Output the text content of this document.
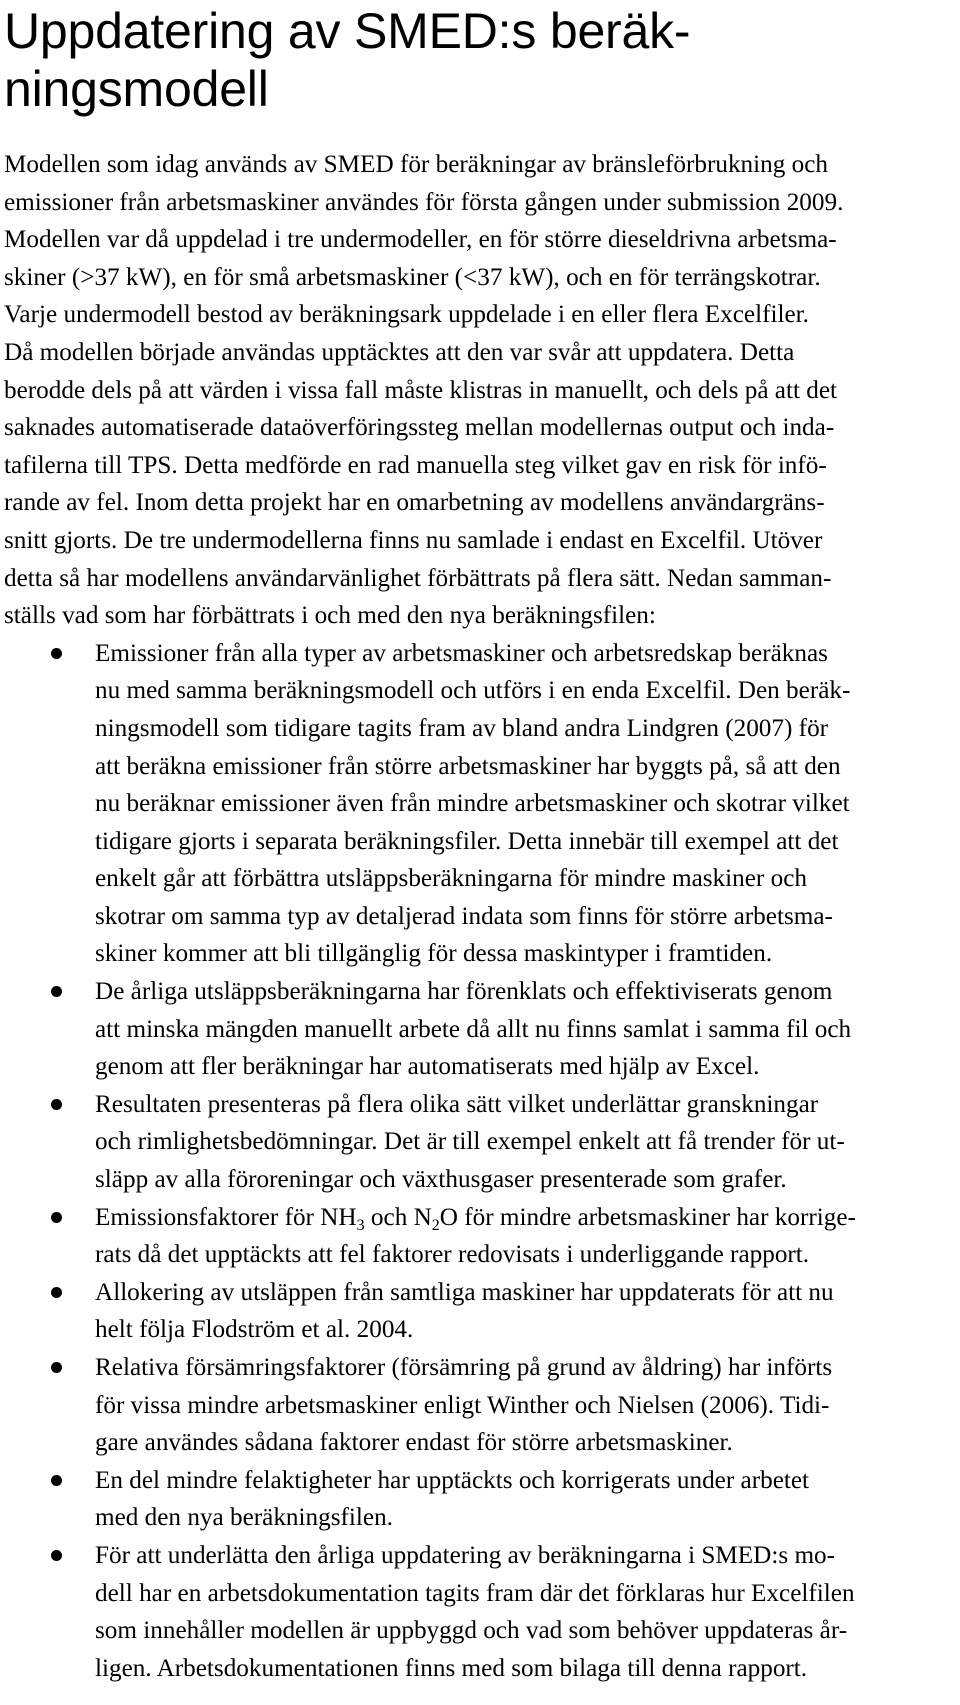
Uppdatering av SMED:s beräk-
ningsmodell
Modellen som idag används av SMED för beräkningar av bränsleförbrukning och
emissioner från arbetsmaskiner användes för första gången under submission 2009.
Modellen var då uppdelad i tre undermodeller, en för större dieseldrivna arbetsma-
skiner (>37 kW), en för små arbetsmaskiner (<37 kW), och en för terrängskotrar.
Varje undermodell bestod av beräkningsark uppdelade i en eller flera Excelfiler.
Då modellen började användas upptäcktes att den var svår att uppdatera. Detta
berodde dels på att värden i vissa fall måste klistras in manuellt, och dels på att det
saknades automatiserade dataöverföringssteg mellan modellernas output och inda-
tafilerna till TPS. Detta medförde en rad manuella steg vilket gav en risk för infö-
rande av fel. Inom detta projekt har en omarbetning av modellens användargräns-
snitt gjorts. De tre undermodellerna finns nu samlade i endast en Excelfil. Utöver
detta så har modellens användarvänlighet förbättrats på flera sätt. Nedan samman-
ställs vad som har förbättrats i och med den nya beräkningsfilen:
Emissioner från alla typer av arbetsmaskiner och arbetsredskap beräknas
nu med samma beräkningsmodell och utförs i en enda Excelfil. Den beräk-
ningsmodell som tidigare tagits fram av bland andra Lindgren (2007) för
att beräkna emissioner från större arbetsmaskiner har byggts på, så att den
nu beräknar emissioner även från mindre arbetsmaskiner och skotrar vilket
tidigare gjorts i separata beräkningsfiler. Detta innebär till exempel att det
enkelt går att förbättra utsläppsberäkningarna för mindre maskiner och
skotrar om samma typ av detaljerad indata som finns för större arbetsma-
skiner kommer att bli tillgänglig för dessa maskintyper i framtiden.
De årliga utsläppsberäkningarna har förenklats och effektiviserats genom
att minska mängden manuellt arbete då allt nu finns samlat i samma fil och
genom att fler beräkningar har automatiserats med hjälp av Excel.
Resultaten presenteras på flera olika sätt vilket underlättar granskningar
och rimlighetsbedömningar. Det är till exempel enkelt att få trender för ut-
släpp av alla föroreningar och växthusgaser presenterade som grafer.
Emissionsfaktorer för $NH_3$ och $N_2O$ för mindre arbetsmaskiner har korrige-
rats då det upptäckts att fel faktorer redovisats i underliggande rapport.
Allokering av utsläppen från samtliga maskiner har uppdaterats för att nu
helt följa Flodström et al. 2004.
Relativa försämringsfaktorer (försämring på grund av åldring) har införts
för vissa mindre arbetsmaskiner enligt Winther och Nielsen (2006). Tidi-
gare användes sådana faktorer endast för större arbetsmaskiner.
En del mindre felaktigheter har upptäckts och korrigerats under arbetet
med den nya beräkningsfilen.
För att underlätta den årliga uppdatering av beräkningarna i SMED:s mo-
dell har en arbetsdokumentation tagits fram där det förklaras hur Excelfilen
som innehåller modellen är uppbyggd och vad som behöver uppdateras år-
ligen. Arbetsdokumentationen finns med som bilaga till denna rapport.
